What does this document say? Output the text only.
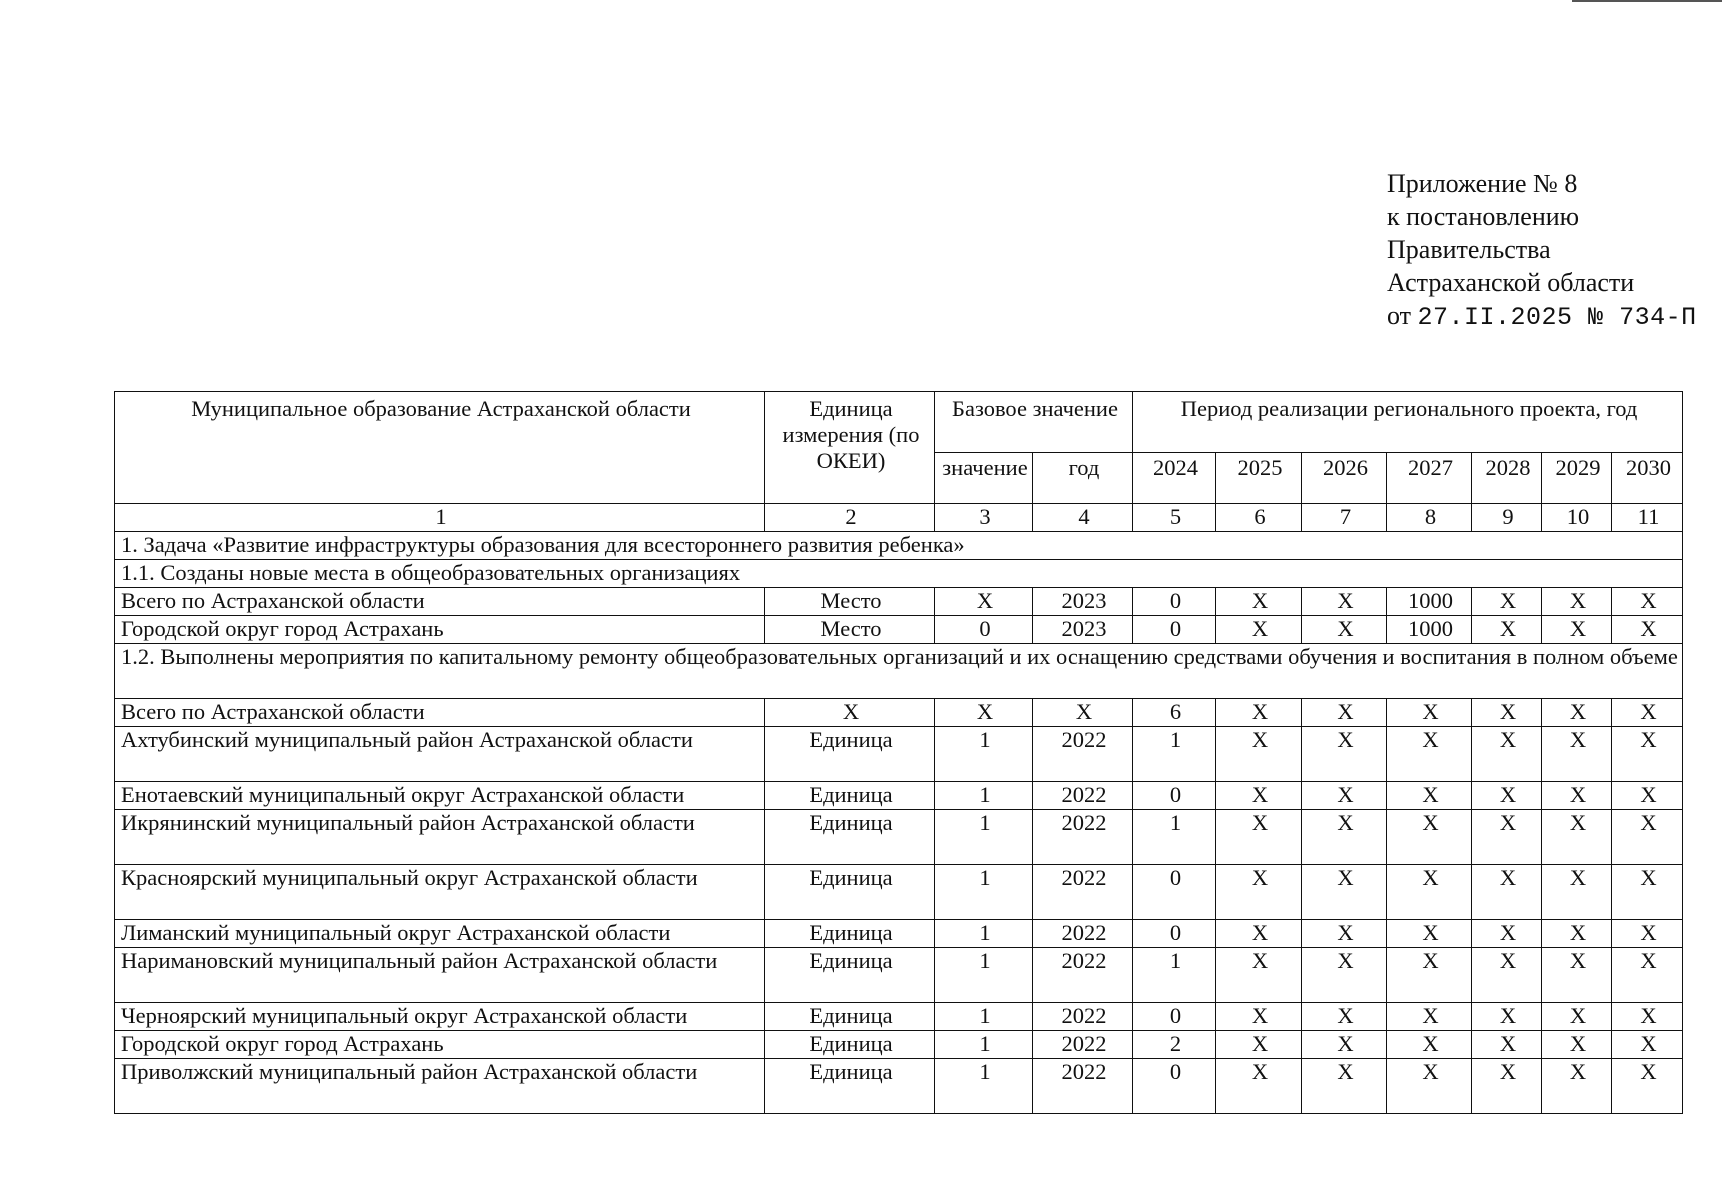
Приложение № 8
к постановлению
Правительства
Астраханской области
от 27.II.2025 № 734-П
Муниципальное образование Астраханской области	Единица измерения (по ОКЕИ)	Базовое значение		Период реализации регионального проекта, год						
		значение	год	2024	2025	2026	2027	2028	2029	2030
1	2	3	4	5	6	7	8	9	10	11
1. Задача «Развитие инфраструктуры образования для всестороннего развития ребенка»										
1.1. Созданы новые места в общеобразовательных организациях										
Всего по Астраханской области	Место	Х	2023	0	Х	Х	1000	Х	Х	Х
Городской округ город Астрахань	Место	0	2023	0	Х	Х	1000	Х	Х	Х
1.2. Выполнены мероприятия по капитальному ремонту общеобразовательных организаций и их оснащению средствами обучения и воспитания в полном объеме										
Всего по Астраханской области	Х	Х	Х	6	Х	Х	Х	Х	Х	Х
Ахтубинский муниципальный район Астраханской области	Единица	1	2022	1	Х	Х	Х	Х	Х	Х
Енотаевский муниципальный округ Астраханской области	Единица	1	2022	0	Х	Х	Х	Х	Х	Х
Икрянинский муниципальный район Астраханской области	Единица	1	2022	1	Х	Х	Х	Х	Х	Х
Красноярский муниципальный округ Астраханской области	Единица	1	2022	0	Х	Х	Х	Х	Х	Х
Лиманский муниципальный округ Астраханской области	Единица	1	2022	0	Х	Х	Х	Х	Х	Х
Наримановский муниципальный район Астраханской области	Единица	1	2022	1	Х	Х	Х	Х	Х	Х
Черноярский муниципальный округ Астраханской области	Единица	1	2022	0	Х	Х	Х	Х	Х	Х
Городской округ город Астрахань	Единица	1	2022	2	Х	Х	Х	Х	Х	Х
Приволжский муниципальный район Астраханской области	Единица	1	2022	0	Х	Х	Х	Х	Х	Х
